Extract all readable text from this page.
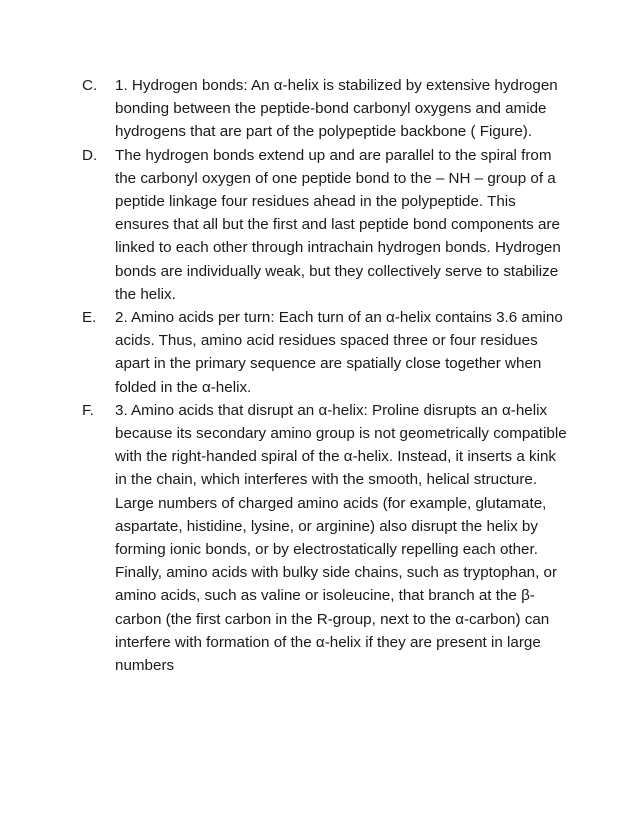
C. 1. Hydrogen bonds: An α-helix is stabilized by extensive hydrogen bonding between the peptide-bond carbonyl oxygens and amide hydrogens that are part of the polypeptide backbone ( Figure).
D. The hydrogen bonds extend up and are parallel to the spiral from the carbonyl oxygen of one peptide bond to the – NH – group of a peptide linkage four residues ahead in the polypeptide. This ensures that all but the first and last peptide bond components are linked to each other through intrachain hydrogen bonds. Hydrogen bonds are individually weak, but they collectively serve to stabilize the helix.
E. 2. Amino acids per turn: Each turn of an α-helix contains 3.6 amino acids. Thus, amino acid residues spaced three or four residues apart in the primary sequence are spatially close together when folded in the α-helix.
F. 3. Amino acids that disrupt an α-helix: Proline disrupts an α-helix because its secondary amino group is not geometrically compatible with the right-handed spiral of the α-helix. Instead, it inserts a kink in the chain, which interferes with the smooth, helical structure. Large numbers of charged amino acids (for example, glutamate, aspartate, histidine, lysine, or arginine) also disrupt the helix by forming ionic bonds, or by electrostatically repelling each other. Finally, amino acids with bulky side chains, such as tryptophan, or amino acids, such as valine or isoleucine, that branch at the β-carbon (the first carbon in the R-group, next to the α-carbon) can interfere with formation of the α-helix if they are present in large numbers
